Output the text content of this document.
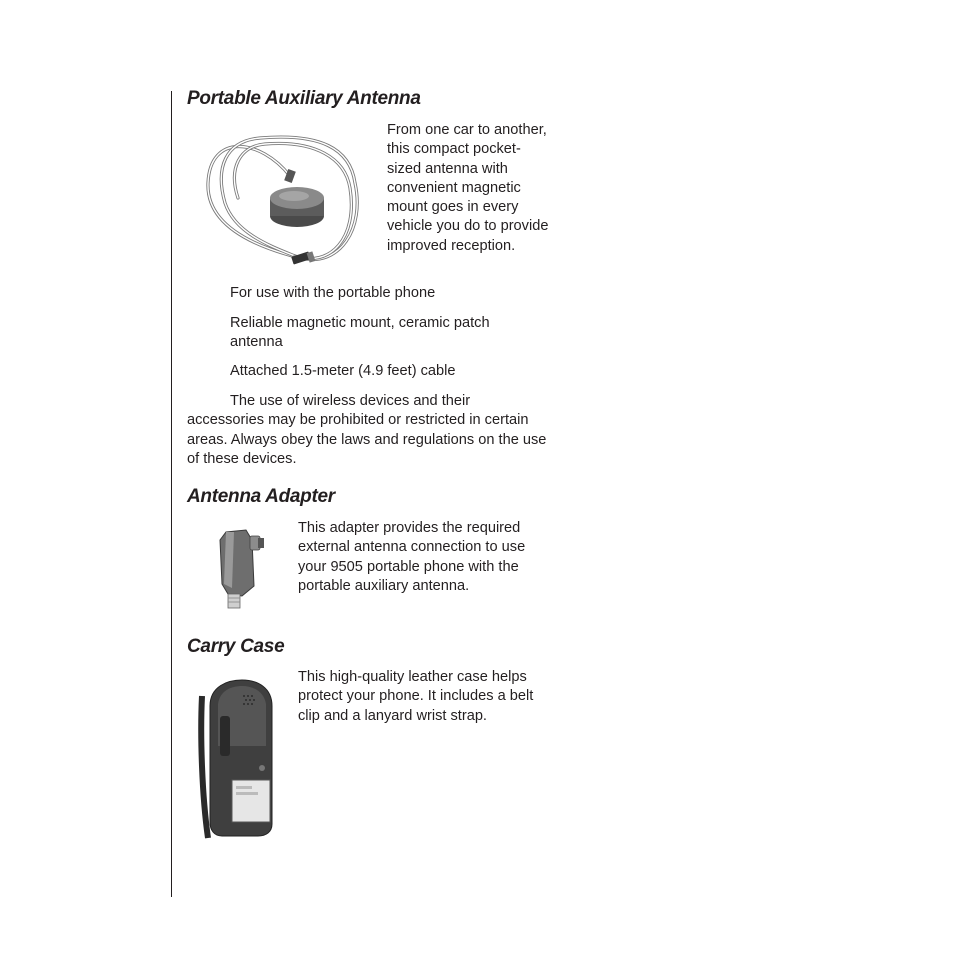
Portable Auxiliary Antenna

From one car to another, this compact pocket-sized antenna with convenient magnetic mount goes in every vehicle you do to provide improved reception.

For use with the portable phone

Reliable magnetic mount, ceramic patch antenna

Attached 1.5-meter (4.9 feet) cable

The use of wireless devices and their accessories may be prohibited or restricted in certain areas. Always obey the laws and regulations on the use of these devices.

Antenna Adapter

This adapter provides the required external antenna connection to use your 9505 portable phone with the portable auxiliary antenna.

Carry Case

This high-quality leather case helps protect your phone. It includes a belt clip and a lanyard wrist strap.
